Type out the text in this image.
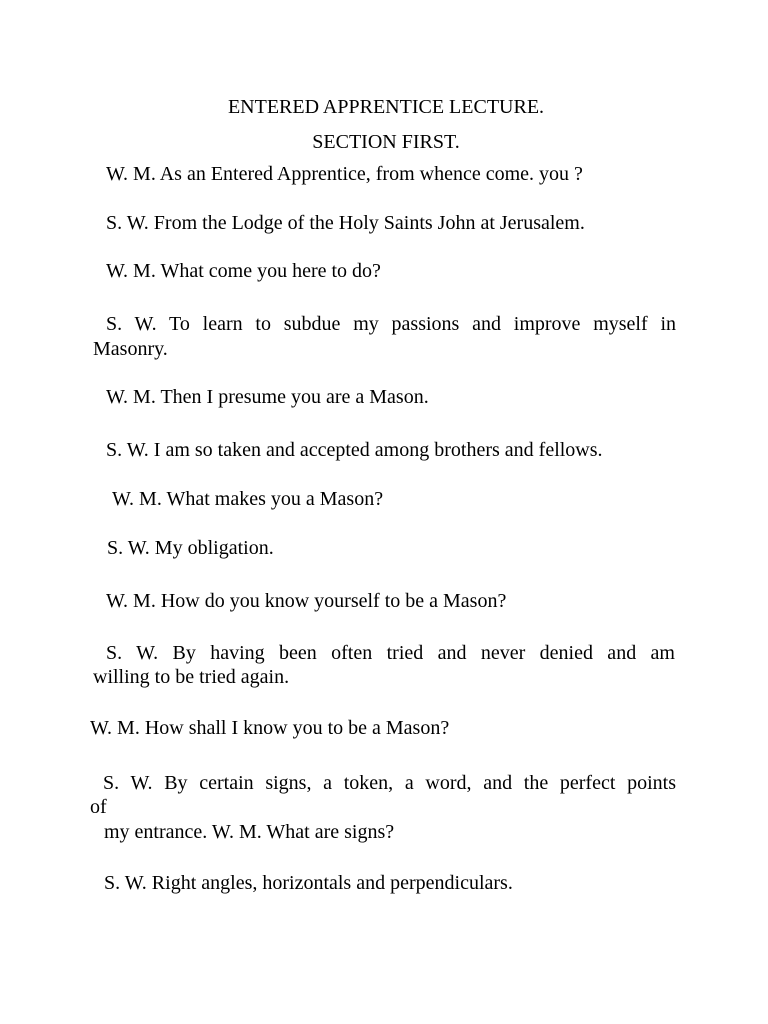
ENTERED APPRENTICE LECTURE.
SECTION FIRST.
W. M. As an Entered Apprentice, from whence come. you ?
S. W. From the Lodge of the Holy Saints John at Jerusalem.
W. M. What come you here to do?
S. W. To learn to subdue my passions and improve myself in
Masonry.
W. M. Then I presume you are a Mason.
S. W. I am so taken and accepted among brothers and fellows.
W. M. What makes you a Mason?
S. W. My obligation.
W. M. How do you know yourself to be a Mason?
S. W. By having been often tried and never denied and am
willing to be tried again.
W. M. How shall I know you to be a Mason?
S. W. By certain signs, a token, a word, and the perfect points
of
my entrance. W. M. What are signs?
S. W. Right angles, horizontals and perpendiculars.
